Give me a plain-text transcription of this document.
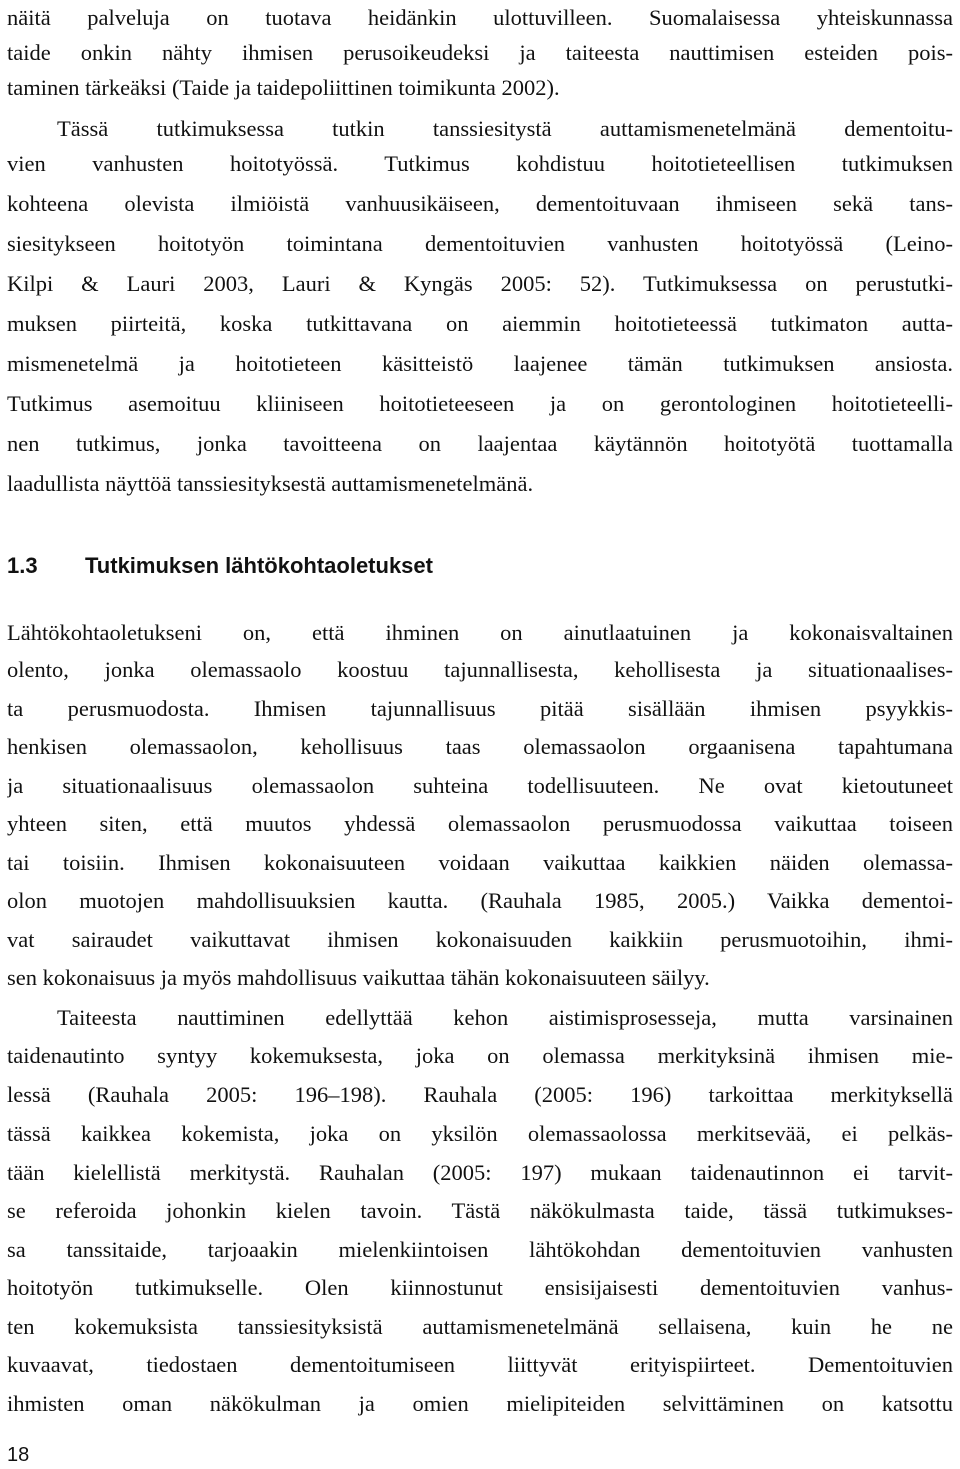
näitä palveluja on tuotava heidänkin ulottuvilleen. Suomalaisessa yhteiskunnassa
taide onkin nähty ihmisen perusoikeudeksi ja taiteesta nauttimisen esteiden pois-
taminen tärkeäksi (Taide ja taidepoliittinen toimikunta 2002).
Tässä tutkimuksessa tutkin tanssiesitystä auttamismenetelmänä dementoitu-
vien vanhusten hoitotyössä. Tutkimus kohdistuu hoitotieteellisen tutkimuksen
kohteena olevista ilmiöistä vanhuusikäiseen, dementoituvaan ihmiseen sekä tans-
siesitykseen hoitotyön toimintana dementoituvien vanhusten hoitotyössä (Leino-
Kilpi & Lauri 2003, Lauri & Kyngäs 2005: 52). Tutkimuksessa on perustutki-
muksen piirteitä, koska tutkittavana on aiemmin hoitotieteessä tutkimaton autta-
mismenetelmä ja hoitotieteen käsitteistö laajenee tämän tutkimuksen ansiosta.
Tutkimus asemoituu kliiniseen hoitotieteeseen ja on gerontologinen hoitotieteelli-
nen tutkimus, jonka tavoitteena on laajentaa käytännön hoitotyötä tuottamalla
laadullista näyttöä tanssiesityksestä auttamismenetelmänä.
1.3 Tutkimuksen lähtökohtaoletukset
Lähtökohtaoletukseni on, että ihminen on ainutlaatuinen ja kokonaisvaltainen
olento, jonka olemassaolo koostuu tajunnallisesta, kehollisesta ja situationaalises-
ta perusmuodosta. Ihmisen tajunnallisuus pitää sisällään ihmisen psyykkis-
henkisen olemassaolon, kehollisuus taas olemassaolon orgaanisena tapahtumana
ja situationaalisuus olemassaolon suhteina todellisuuteen. Ne ovat kietoutuneet
yhteen siten, että muutos yhdessä olemassaolon perusmuodossa vaikuttaa toiseen
tai toisiin. Ihmisen kokonaisuuteen voidaan vaikuttaa kaikkien näiden olemassa-
olon muotojen mahdollisuuksien kautta. (Rauhala 1985, 2005.) Vaikka dementoi-
vat sairaudet vaikuttavat ihmisen kokonaisuuden kaikkiin perusmuotoihin, ihmi-
sen kokonaisuus ja myös mahdollisuus vaikuttaa tähän kokonaisuuteen säilyy.
Taiteesta nauttiminen edellyttää kehon aistimisprosesseja, mutta varsinainen
taidenautinto syntyy kokemuksesta, joka on olemassa merkityksinä ihmisen mie-
lessä (Rauhala 2005: 196–198). Rauhala (2005: 196) tarkoittaa merkityksellä
tässä kaikkea kokemista, joka on yksilön olemassaolossa merkitsevää, ei pelkäs-
tään kielellistä merkitystä. Rauhalan (2005: 197) mukaan taidenautinnon ei tarvit-
se referoida johonkin kielen tavoin. Tästä näkökulmasta taide, tässä tutkimukses-
sa tanssitaide, tarjoaakin mielenkiintoisen lähtökohdan dementoituvien vanhusten
hoitotyön tutkimukselle. Olen kiinnostunut ensisijaisesti dementoituvien vanhus-
ten kokemuksista tanssiesityksistä auttamismenetelmänä sellaisena, kuin he ne
kuvaavat, tiedostaen dementoitumiseen liittyvät erityispiirteet. Dementoituvien
ihmisten oman näkökulman ja omien mielipiteiden selvittäminen on katsottu
18
